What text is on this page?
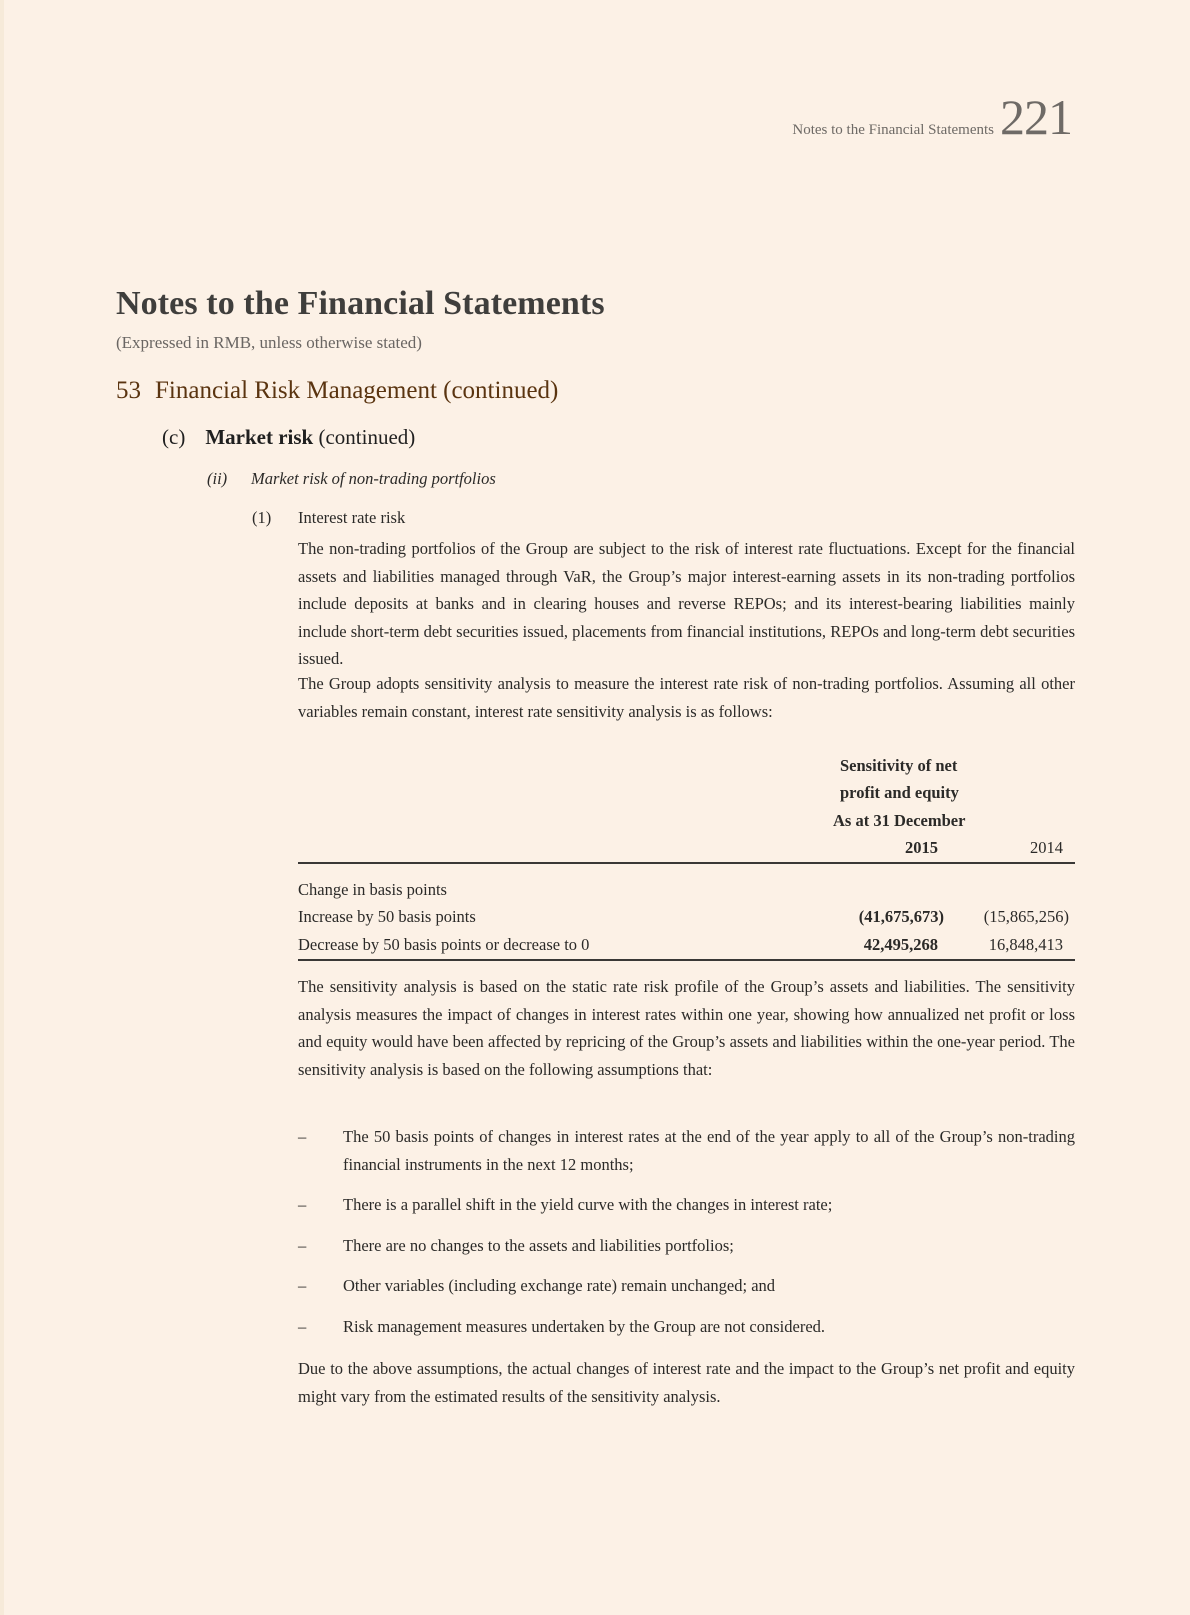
Notes to the Financial Statements 221
Notes to the Financial Statements
(Expressed in RMB, unless otherwise stated)
53 Financial Risk Management (continued)
(c) Market risk (continued)
(ii) Market risk of non-trading portfolios
(1) Interest rate risk

The non-trading portfolios of the Group are subject to the risk of interest rate fluctuations. Except for the financial assets and liabilities managed through VaR, the Group’s major interest-earning assets in its non-trading portfolios include deposits at banks and in clearing houses and reverse REPOs; and its interest-bearing liabilities mainly include short-term debt securities issued, placements from financial institutions, REPOs and long-term debt securities issued.

The Group adopts sensitivity analysis to measure the interest rate risk of non-trading portfolios. Assuming all other variables remain constant, interest rate sensitivity analysis is as follows:

	Sensitivity of net	
	profit and equity	
	As at 31 December	
	2015	2014

Change in basis points		
Increase by 50 basis points	(41,675,673)	(15,865,256)
Decrease by 50 basis points or decrease to 0	42,495,268	16,848,413

The sensitivity analysis is based on the static rate risk profile of the Group’s assets and liabilities. The sensitivity analysis measures the impact of changes in interest rates within one year, showing how annualized net profit or loss and equity would have been affected by repricing of the Group’s assets and liabilities within the one-year period. The sensitivity analysis is based on the following assumptions that:

–	The 50 basis points of changes in interest rates at the end of the year apply to all of the Group’s non-trading financial instruments in the next 12 months;
–	There is a parallel shift in the yield curve with the changes in interest rate;
–	There are no changes to the assets and liabilities portfolios;
–	Other variables (including exchange rate) remain unchanged; and
–	Risk management measures undertaken by the Group are not considered.

Due to the above assumptions, the actual changes of interest rate and the impact to the Group’s net profit and equity might vary from the estimated results of the sensitivity analysis.
